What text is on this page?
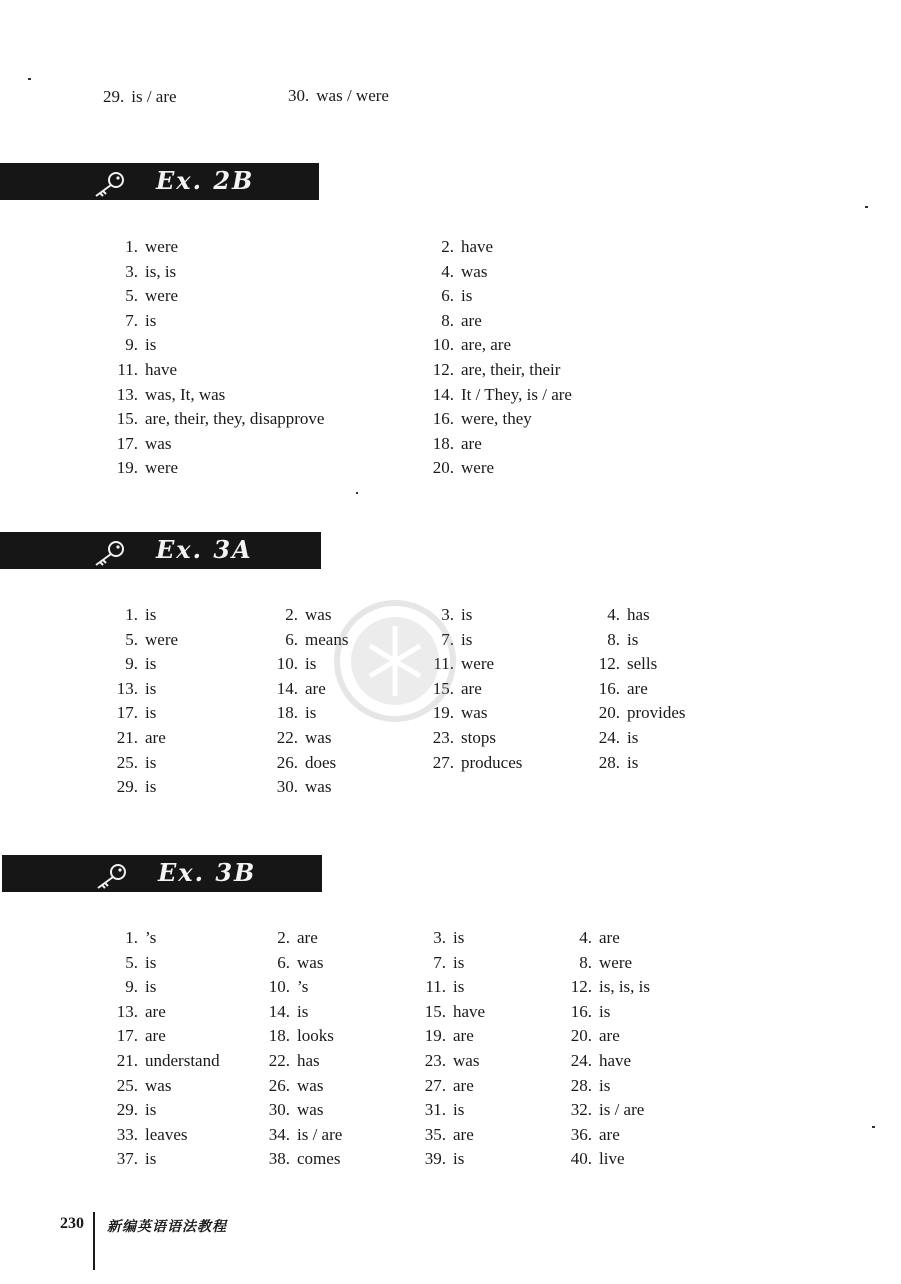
29. is / are	30. was / were
Ex. 2B
Ex. 3A
Ex. 3B
1. were	2. have
3. is, is	4. was
5. were	6. is
7. is	8. are
9. is	10. are, are
11. have	12. are, their, their
13. was, It, was	14. It / They, is / are
15. are, their, they, disapprove	16. were, they
17. was	18. are
19. were	20. were
1. is	2. was	3. is	4. has
5. were	6. means	7. is	8. is
9. is	10. is	11. were	12. sells
13. is	14. are	15. are	16. are
17. is	18. is	19. was	20. provides
21. are	22. was	23. stops	24. is
25. is	26. does	27. produces	28. is
29. is	30. was
1. ’s	2. are	3. is	4. are
5. is	6. was	7. is	8. were
9. is	10. ’s	11. is	12. is, is, is
13. are	14. is	15. have	16. is
17. are	18. looks	19. are	20. are
21. understand	22. has	23. was	24. have
25. was	26. was	27. are	28. is
29. is	30. was	31. is	32. is / are
33. leaves	34. is / are	35. are	36. are
37. is	38. comes	39. is	40. live
230 新编英语语法教程
